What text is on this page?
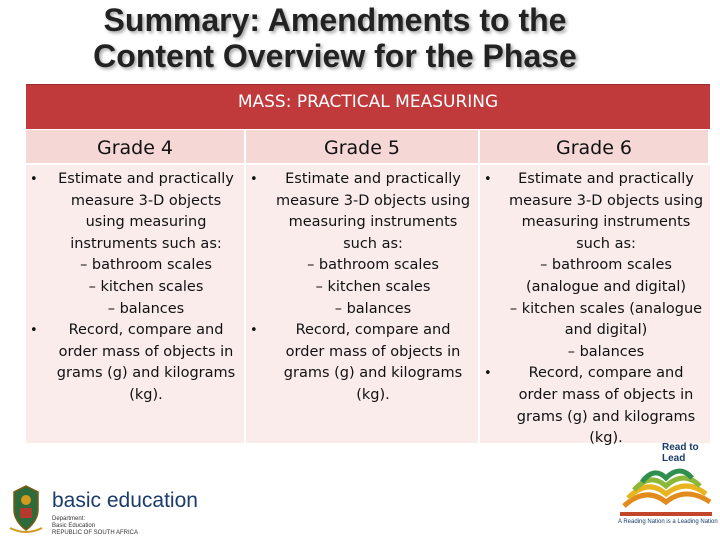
Summary: Amendments to the
Content Overview for the Phase
MASS: PRACTICAL MEASURING
Grade 4	Grade 5	Grade 6
• Estimate and practically measure 3-D objects using measuring instruments such as:
– bathroom scales
– kitchen scales
– balances
• Record, compare and order mass of objects in grams (g) and kilograms (kg).
• Estimate and practically measure 3-D objects using measuring instruments such as:
– bathroom scales
– kitchen scales
– balances
• Record, compare and order mass of objects in grams (g) and kilograms (kg).
• Estimate and practically measure 3-D objects using measuring instruments such as:
– bathroom scales (analogue and digital)
– kitchen scales (analogue and digital)
– balances
• Record, compare and order mass of objects in grams (g) and kilograms (kg).
basic education
Department:
Basic Education
REPUBLIC OF SOUTH AFRICA
Read to Lead
A Reading Nation is a Leading Nation
